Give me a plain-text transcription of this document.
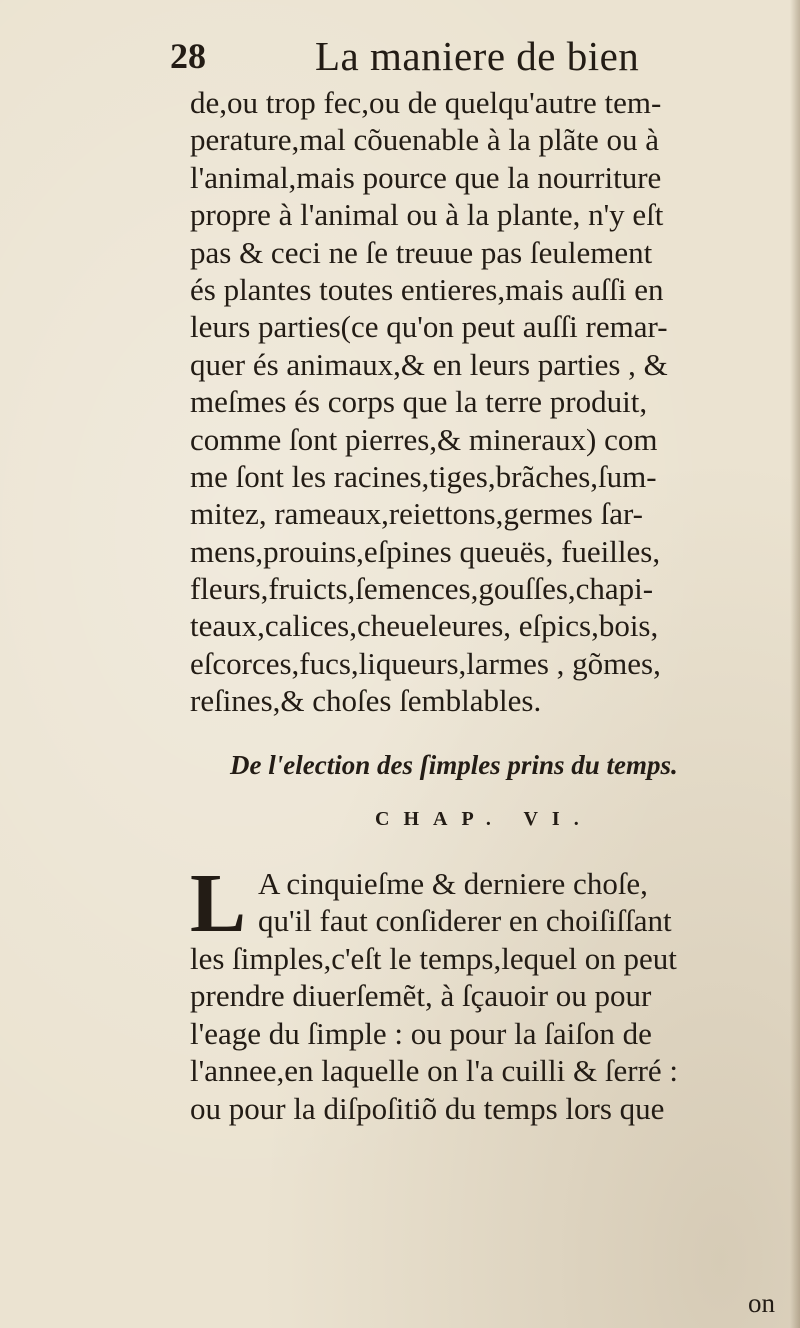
28	La maniere de bien
de,ou trop fec,ou de quelqu'autre tem-
perature,mal cõuenable à la plãte ou à
l'animal,mais pource que la nourriture
propre à l'animal ou à la plante, n'y eſt
pas & ceci ne ſe treuue pas ſeulement
és plantes toutes entieres,mais auſſi en
leurs parties(ce qu'on peut auſſi remar-
quer és animaux,& en leurs parties , &
meſmes és corps que la terre produit,
comme ſont pierres,& mineraux) com
me ſont les racines,tiges,brãches,ſum-
mitez, rameaux,reiettons,germes ſar-
mens,prouins,eſpines queuës, fueilles,
fleurs,fruicts,ſemences,gouſſes,chapi-
teaux,calices,cheueleures, eſpics,bois,
eſcorces,fucs,liqueurs,larmes , gõmes,
reſines,& choſes ſemblables.
De l'election des ſimples prins du temps.
CHAP. VI.
L A cinquieſme & derniere choſe,
qu'il faut conſiderer en choiſiſſant
les ſimples,c'eſt le temps,lequel on peut
prendre diuerſemẽt, à ſçauoir ou pour
l'eage du ſimple : ou pour la ſaiſon de
l'annee,en laquelle on l'a cuilli & ſerré :
ou pour la diſpoſitiõ du temps lors que
on
